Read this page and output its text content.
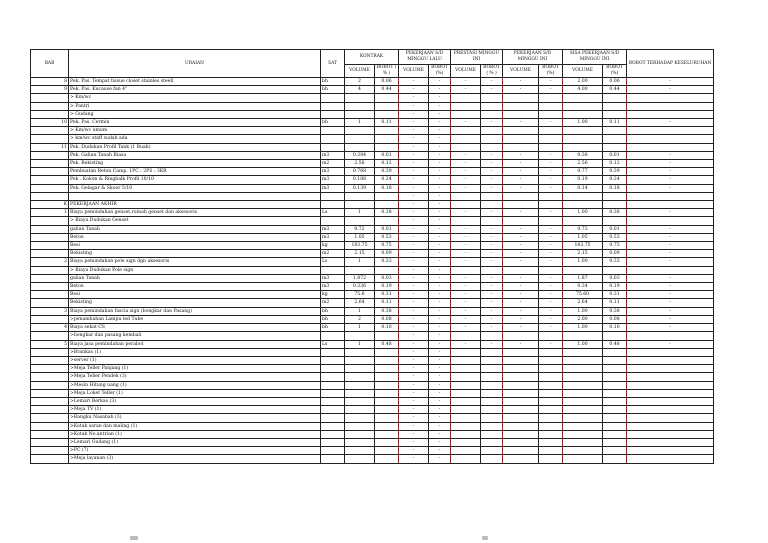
BAB	URAIAN	SAT	KONTRAK		PEKERJAAN S/D MINGGU LALU		PRESTASI MINGGU INI		PEKERJAAN S/D MINGGU INI		SISA PEKERJAAN S/D MINGGU INI		BOBOT TERHADAP KESELURUHAN
			VOLUME	BOBOT ( % )	VOLUME	BOBOT (%)	VOLUME	BOBOT ( % )	VOLUME	BOBOT (%)	VOLUME	BOBOT (%)	
8	Pek. Pas. Tempat tissue closet stainles steell	bh	2	0.06	-	-	-	-	-	-	2.00	0.06	-
9	Pek. Pas. Kucause fan 4"	bh	4	0.44	-	-	-	-	-	-	4.00	0.44	-
	> Km/wc				-	-							
	> Pantri				-	-							
	> Gudang				-	-							
10	Pek. Pas. Cermin	bh	1	0.11	-	-	-	-	-	-	1.00	0.11	-
	> Km/wc umum				-	-							
	> km/wc staff sudah ada				-	-							
11	Pek. Dudukan Profil Tank (1 Buah)				-	-							
	Pek. Galian Tanah Biasa	m3	0.384	0.01	-	-	-	-	-	-	0.38	0.01	-
	Pek. Bekisting	m2	2.56	0.12	-	-	-	-	-	-	2.56	0.12	-
	Pembuatan Beton Camp. 1PC : 2PS : 3KR	m3	0.768	0.39	-	-	-	-	-	-	0.77	0.39	-
	Pek . Kolom & Ringbalk Profil 10/10	m3	0.188	0.24	-	-	-	-	-	-	0.19	0.24	-
	Pek. Gelagar & Skoor 5/10	m3	0.139	0.18	-	-	-	-	-	-	0.14	0.18	-
					-	-							
K	PEKERJAAN AKHIR				-	-							
1	Biaya pemindahan genset,rumah genset dan aksesoris	Ls	1	0.38	-	-	-	-	-	-	1.00	0.38	-
	> Biaya Dudukan Genset				-	-							
	galian Tanah	m3	0.72	0.01	-	-	-	-	-	-	0.72	0.01	-
	Beton	m3	1.05	0.53	-	-	-	-	-	-	1.05	0.53	-
	Besi	kg	183.75	0.75	-	-	-	-	-	-	183.75	0.75	-
	Bekisting	m2	2.15	0.09	-	-	-	-	-	-	2.15	0.09	-
2	Biaya pemindahan pole sign dgn aksesoris	Ls	1	0.33	-	-	-	-	-	-	1.00	0.33	-
	> Biaya Dudukan Pole sign				-	-							
	galian Tanah	m3	1.872	0.03	-	-	-	-	-	-	1.87	0.03	-
	Beton	m3	0.336	0.19	-	-	-	-	-	-	0.34	0.19	-
	Besi	kg	75.6	0.31	-	-	-	-	-	-	75.60	0.31	-
	Bekisting	m2	2.64	0.11	-	-	-	-	-	-	2.64	0.11	-
3	Biaya pemindahan fascia sign (bongkar dan Pasang)	bh	1	0.38	-	-	-	-	-	-	1.00	0.38	-
	>penambahan Lampu led Tube	bh	2	0.08	-	-	-	-	-	-	2.00	0.08	-
4	Biaya sekat CS	bh	1	0.10	-	-	-	-	-	-	1.00	0.10	-
	>bongkar dan pasang kembali				-	-							
5	Biaya jasa pemindahan perabot	Ls	1	0.48	-	-	-	-	-	-	1.00	0.48	-
	>Brankas (1)				-	-							
	>server (1)				-	-							
	>Meja Teller Panjang (1)				-	-							
	>Meja Teller Pendek (3)				-	-							
	>Mesin Hitung uang (1)				-	-							
	>Meja Loket Teller (1)				-	-							
	>Lemari Berkas (3)				-	-							
	>Meja TV (1)				-	-							
	>Bangku Nasabah (3)				-	-							
	>Kotak saran dan maling (1)				-	-							
	>Kotak No.antrian (1)				-	-							
	>Lemari Gudang (1)				-	-							
	>PC (7)				-	-							
	>Meja layanan (3)				-	-							
